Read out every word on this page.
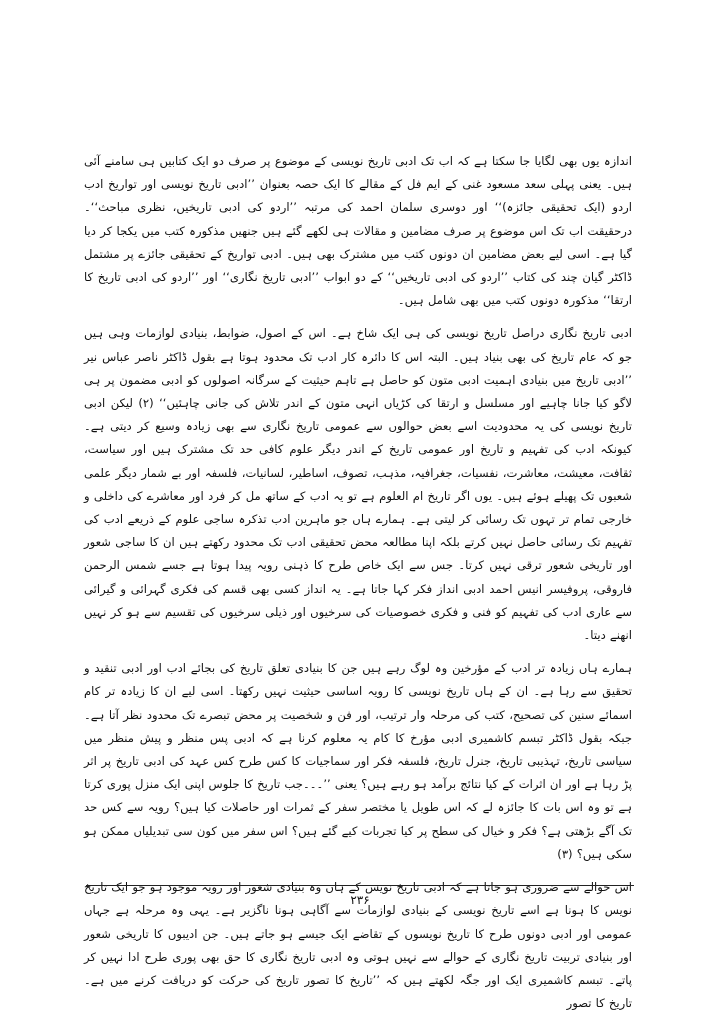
اندازہ یوں بھی لگایا جا سکتا ہے کہ اب تک ادبی تاریخ نویسی کے موضوع پر صرف دو ایک کتابیں ہی سامنے آئی ہیں۔ یعنی پہلی سعد مسعود غنی کے ایم فل کے مقالے کا ایک حصہ بعنوان ’’ادبی تاریخ نویسی اور تواریخ ادب اردو (ایک تحقیقی جائزہ)‘‘ اور دوسری سلمان احمد کی مرتبہ ’’اردو کی ادبی تاریخیں، نظری مباحث‘‘۔ درحقیقت اب تک اس موضوع پر صرف مضامین و مقالات ہی لکھے گئے ہیں جنھیں مذکورہ کتب میں یکجا کر دیا گیا ہے۔ اسی لیے بعض مضامین ان دونوں کتب میں مشترک بھی ہیں۔ ادبی تواریخ کے تحقیقی جائزے پر مشتمل ڈاکٹر گیان چند کی کتاب ’’اردو کی ادبی تاریخیں‘‘ کے دو ابواب ’’ادبی تاریخ نگاری‘‘ اور ’’اردو کی ادبی تاریخ کا ارتقا‘‘ مذکورہ دونوں کتب میں بھی شامل ہیں۔

ادبی تاریخ نگاری دراصل تاریخ نویسی کی ہی ایک شاخ ہے۔ اس کے اصول، ضوابط، بنیادی لوازمات وہی ہیں جو کہ عام تاریخ کی بھی بنیاد ہیں۔ البتہ اس کا دائرہ کار ادب تک محدود ہوتا ہے بقول ڈاکٹر ناصر عباس نیر ’’ادبی تاریخ میں بنیادی اہمیت ادبی متون کو حاصل ہے تاہم حیثیت کے سرگانہ اصولوں کو ادبی مضمون پر ہی لاگو کیا جانا چاہیے اور مسلسل و ارتقا کی کڑیاں انہی متون کے اندر تلاش کی جانی چاہئیں‘‘ (۲) لیکن ادبی تاریخ نویسی کی یہ محدودیت اسے بعض حوالوں سے عمومی تاریخ نگاری سے بھی زیادہ وسیع کر دیتی ہے۔ کیونکہ ادب کی تفہیم و تاریخ اور عمومی تاریخ کے اندر دیگر علوم کافی حد تک مشترک ہیں اور سیاست، ثقافت، معیشت، معاشرت، نفسیات، جغرافیہ، مذہب، تصوف، اساطیر، لسانیات، فلسفہ اور بے شمار دیگر علمی شعبوں تک پھیلے ہوئے ہیں۔ یوں اگر تاریخ ام العلوم ہے تو یہ ادب کے ساتھ مل کر فرد اور معاشرے کی داخلی و خارجی تمام تر تہوں تک رسائی کر لیتی ہے۔ ہمارے ہاں جو ماہرین ادب تذکرہ ساجی علوم کے ذریعے ادب کی تفہیم تک رسائی حاصل نہیں کرتے بلکہ اپنا مطالعہ محض تحقیقی ادب تک محدود رکھتے ہیں ان کا ساجی شعور اور تاریخی شعور ترقی نہیں کرتا۔ جس سے ایک خاص طرح کا ذہنی رویہ پیدا ہوتا ہے جسے شمس الرحمن فاروقی، پروفیسر انیس احمد ادبی انداز فکر کہا جاتا ہے۔ یہ انداز کسی بھی قسم کی فکری گہرائی و گیرائی سے عاری ادب کی تفہیم کو فنی و فکری خصوصیات کی سرخیوں اور ذیلی سرخیوں کی تقسیم سے ہو کر نہیں انھنے دیتا۔

ہمارے ہاں زیادہ تر ادب کے مؤرخین وہ لوگ رہے ہیں جن کا بنیادی تعلق تاریخ کی بجائے ادب اور ادبی تنقید و تحقیق سے رہا ہے۔ ان کے ہاں تاریخ نویسی کا رویہ اساسی حیثیت نہیں رکھتا۔ اسی لیے ان کا زیادہ تر کام اسمائے سنین کی تصحیح، کتب کی مرحلہ وار ترتیب، اور فن و شخصیت پر محض تبصرے تک محدود نظر آتا ہے۔ جبکہ بقول ڈاکٹر تبسم کاشمیری ادبی مؤرخ کا کام یہ معلوم کرنا ہے کہ ادبی پس منظر و پیش منظر میں سیاسی تاریخ، تہذیبی تاریخ، جنرل تاریخ، فلسفہ فکر اور سماجیات کا کس طرح کس عہد کی ادبی تاریخ پر اثر پڑ رہا ہے اور ان اثرات کے کیا نتائج برآمد ہو رہے ہیں؟ یعنی ’’۔۔۔جب تاریخ کا جلوس اپنی ایک منزل پوری کرتا ہے تو وہ اس بات کا جائزہ لے کہ اس طویل یا مختصر سفر کے ثمرات اور حاصلات کیا ہیں؟ رویہ سے کس حد تک آگے بڑھتی ہے؟ فکر و خیال کی سطح پر کیا تجربات کیے گئے ہیں؟ اس سفر میں کون سی تبدیلیاں ممکن ہو سکی ہیں؟ (۳)

اس حوالے سے ضروری ہو جاتا ہے کہ ادبی تاریخ نویس کے ہاں وہ بنیادی شعور اور رویہ موجود ہو جو ایک تاریخ نویس کا ہونا ہے اسے تاریخ نویسی کے بنیادی لوازمات سے آگاہی ہونا ناگزیر ہے۔ یہی وہ مرحلہ ہے جہاں عمومی اور ادبی دونوں طرح کا تاریخ نویسوں کے تقاضے ایک جیسے ہو جاتے ہیں۔ جن ادیبوں کا تاریخی شعور اور بنیادی تربیت تاریخ نگاری کے حوالے سے نہیں ہوتی وہ ادبی تاریخ نگاری کا حق بھی پوری طرح ادا نہیں کر پاتے۔ تبسم کاشمیری ایک اور جگہ لکھتے ہیں کہ ’’تاریخ کا تصور تاریخ کی حرکت کو دریافت کرنے میں ہے۔ تاریخ کا تصور

۲۳۶
